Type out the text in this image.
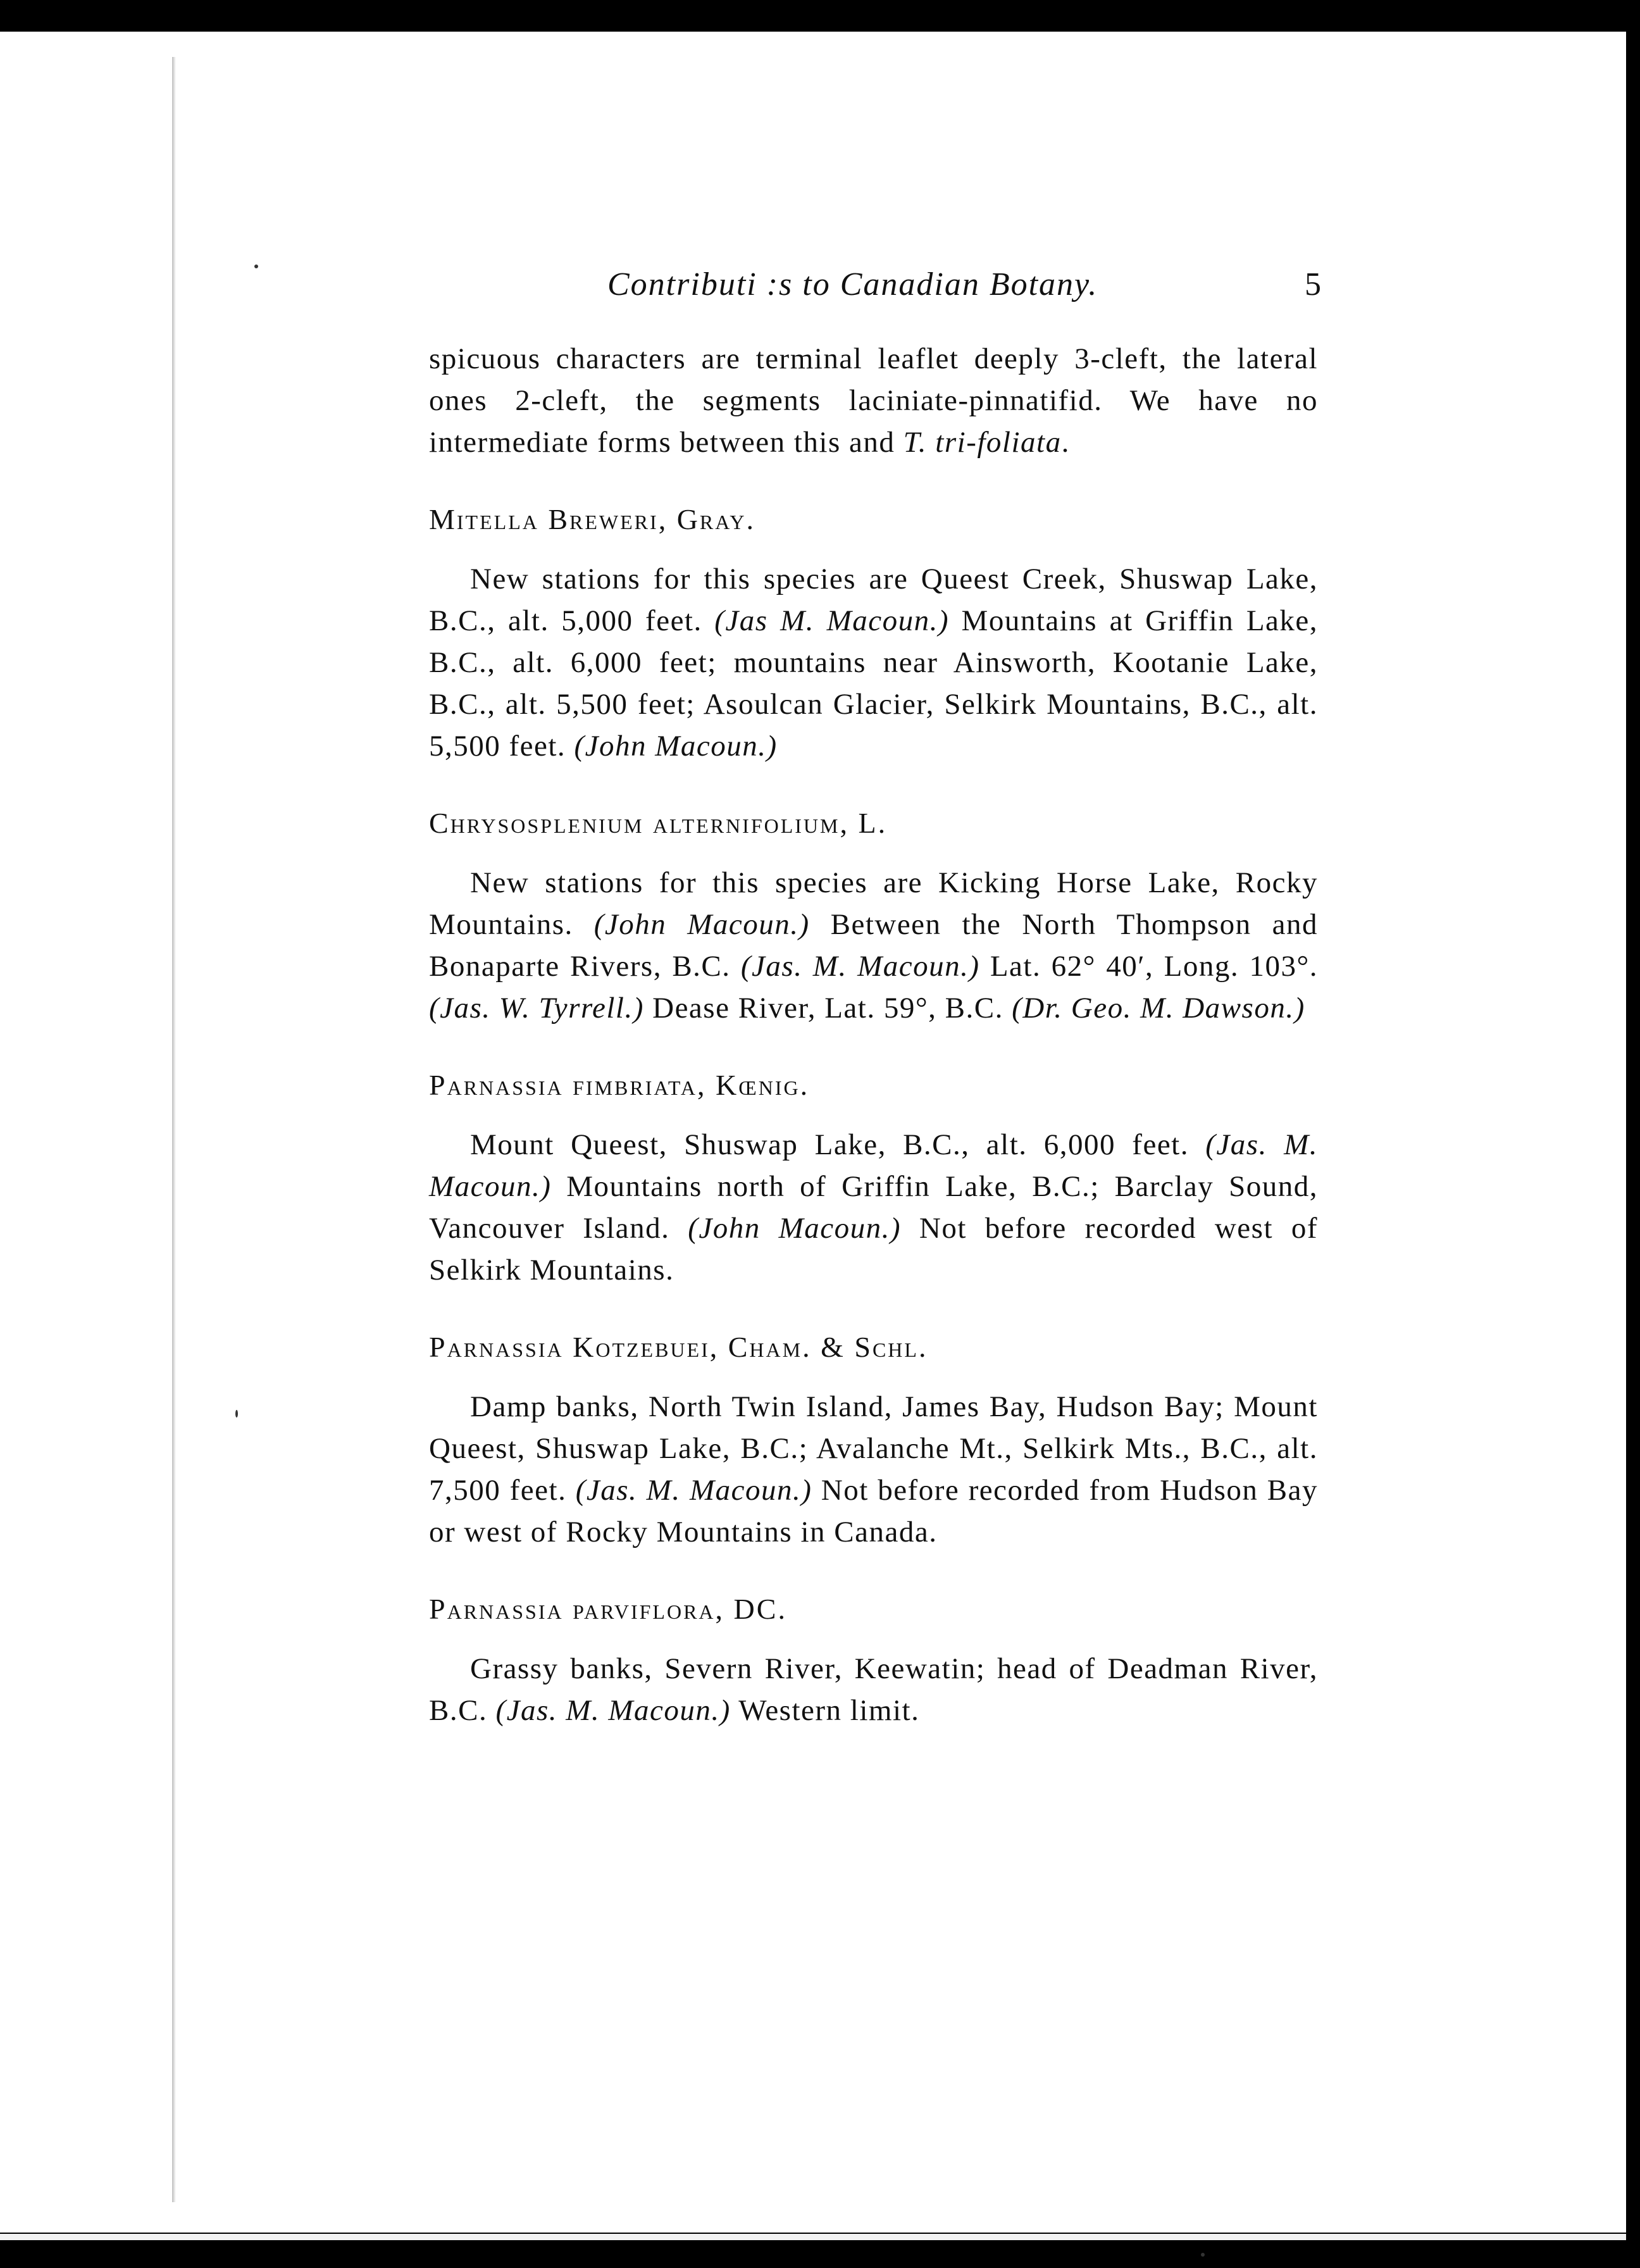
Contributi :s to Canadian Botany.	5

spicuous characters are terminal leaflet deeply 3-cleft, the lateral ones 2-cleft, the segments laciniate-pinnatifid. We have no intermediate forms between this and T. tri-foliata.

Mitella Breweri, Gray.

New stations for this species are Queest Creek, Shuswap Lake, B.C., alt. 5,000 feet. (Jas M. Macoun.) Mountains at Griffin Lake, B.C., alt. 6,000 feet; mountains near Ainsworth, Kootanie Lake, B.C., alt. 5,500 feet; Asoulcan Glacier, Selkirk Mountains, B.C., alt. 5,500 feet. (John Macoun.)

Chrysosplenium alternifolium, L.

New stations for this species are Kicking Horse Lake, Rocky Mountains. (John Macoun.) Between the North Thompson and Bonaparte Rivers, B.C. (Jas. M. Macoun.) Lat. 62° 40′, Long. 103°. (Jas. W. Tyrrell.) Dease River, Lat. 59°, B.C. (Dr. Geo. M. Dawson.)

Parnassia fimbriata, Kœnig.

Mount Queest, Shuswap Lake, B.C., alt. 6,000 feet. (Jas. M. Macoun.) Mountains north of Griffin Lake, B.C.; Barclay Sound, Vancouver Island. (John Macoun.) Not before recorded west of Selkirk Mountains.

Parnassia Kotzebuei, Cham. & Schl.

Damp banks, North Twin Island, James Bay, Hudson Bay; Mount Queest, Shuswap Lake, B.C.; Avalanche Mt., Selkirk Mts., B.C., alt. 7,500 feet. (Jas. M. Macoun.) Not before recorded from Hudson Bay or west of Rocky Mountains in Canada.

Parnassia parviflora, DC.

Grassy banks, Severn River, Keewatin; head of Deadman River, B.C. (Jas. M. Macoun.) Western limit.
